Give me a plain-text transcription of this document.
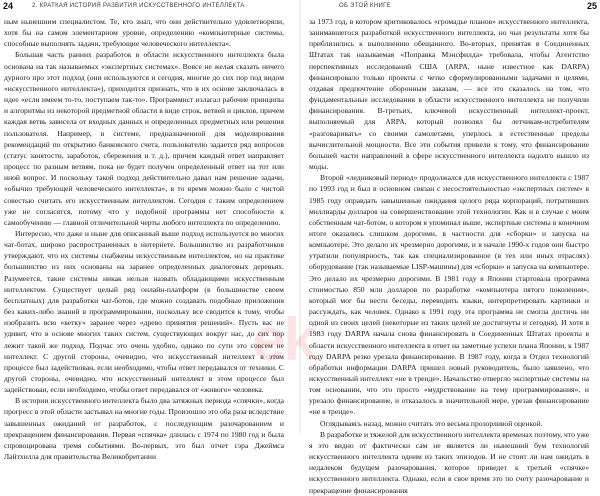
24	2. КРАТКАЯ ИСТОРИЯ РАЗВИТИЯ ИСКУССТВЕННОГО ИНТЕЛЛЕКТА

ным нынешним специалистом. Те, кто знал, что они действительно удовлетворяли, хотя бы на самом элементарном уровне, определению «компьютерные системы, способные выполнять задачи, требующие человеческого интеллекта».

Большая часть ранних разработок в области искусственного интеллекта была основана на так называемых «экспертных системах». Вовсе не желая сказать ничего дурного про этот подход (они используются и сегодня, многие до сих пор под видом «искусственного интеллекта»), приходится признать, что в их основе заключалась в идее «если имеем то-то, поступаем так-то». Программист излагал рабочие принципы и алгоритмы из некоторой предметной области в виде строк, ветвей и циклов, причем каждая ветвь зависела от входных данных и определенных предметных или решения пользователя. Например, в системе, предназначенной для моделирования рекомендаций по открытию банковского счета, пользователю задается ряд вопросов (статус занятости, заработок, сбережения и т. д.), причем каждый ответ направляет процесс по разным ветвям, пока не будет получен определенный ответ на тот или иной вопрос. И поскольку такой подход действительно давал нам решение задачи, «обычно требующей человеческого интеллекта», в то время можно было с чистой совестью считать его искусственным интеллектом. Сегодня с таким определением уже не согласятся, потому что у подобной программы нет способности к самообучению — главной отличительной черты любого интеллекта по определению.

Интересно, что даже и ныне для описанный выше подход используется во многих чат-ботах, широко распространенных в интернете. Большинство из разработчиков утверждают, что их системы снабжены искусственным интеллектом, но на практике большинство из них основаны на заранее определенных диалоговых деревьях. Разумеется, такие системы никак нельзя назвать обладающими искусственным интеллектом. Существует целый ряд онлайн-платформ (в большинстве своем бесплатных) для разработки чат-ботов, где можно создавать подобные приложения без каких-либо знаний в программировании, поскольку все сводится к тому, чтобы изобразить всю «ветку» заранее через «древо принятия решений». Пусть вас не удивит, что в основе многих таких систем, существующих вокруг нас, до сих пор лежит такой же подход. Подчас это очень удобно, однако по сути это совсем не интеллект. С другой стороны, очевидно, что искусственный интеллект в этом процессе был задействован, если необходимо, чтобы ответ передавался от техники. С другой стороны, очевидно, что искусственный интеллект в этом процессе был задействован, если необходимо, чтобы ответ передавался от «живого» человека.

В истории искусственного интеллекта было два затяжных периода «спячки», когда прогресс в этой области застывал на многие годы. Произошло это оба раза вследствие завышенных ожиданий от разработок, с последующим разочарованием и прекращением финансирования. Первая «спячка» длилась с 1974 по 1980 год и была спровоцирована тремя событиями. Во-первых, это был отчет сэра Джеймса Лайтхилла для правительства Великобритании

ОБ ЭТОЙ КНИГЕ	25

за 1973 год, в котором критиковалось «громадье планов» искусственного интеллекта, занимавшегося разработкой искусственного интеллекта, но чьи результаты хотя бы приблизились к выполнению обещанного. Во-вторых, принятая в Соединенных Штатах так называемая «Поправка Мэнсфилда» требовала, чтобы Агентство перспективных исследований США (ARPA, ныне известное как DARPA) финансировало только проекты с четко сформулированными задачами и целями, отдавая предпочтение оборонным заказам, — все это сказалось на том, что фундаментальные исследования в области искусственного интеллекта не получили финансирования. В-третьих, ключевой искусственный интеллект-проект, выполняемый для ARPA, который позволял бы летчикам-истребителям «разговаривать» со своими самолетами, уперлось в естественные пределы вычислительной мощности. Все эти события привели к тому, что финансирование большей части направлений в сфере искусственного интеллекта надолго вышло из моды.

Второй «ледниковый период» продолжался для искусственного интеллекта с 1987 по 1993 год и был в основном связан с несостоятельностью «экспертных систем» в 1985 году оправдать завышенные ожидания целого ряда корпораций, потративших миллиарды долларов на совершенствование этой технологии. Как и в случае с моим собственным чат-ботом, о котором я упоминал выше, экспертные системы в конечном итоге оказались слишком дорогими, в частности для «сборки» и запуска на компьютере. Это делало их чрезмерно дорогими, и в начале 1990-х годов они быстро утратили популярность, так как специализированное (в тех или иных отраслях) оборудование (так называемые LISP-машины) для «сборки» и запуска на компьютере. Это делало их чрезмерно дорогими. В 1981 году в Японии стартовала программа стоимостью 850 млн долларов по разработке «компьютера пятого поколения», который мог бы вести беседы, переводить языки, интерпретировать картинки и рассуждать, как человек. Однако к 1991 году эта программа не смогла достичь ни одной из своих целей (некоторые из таких целей не достигнуты и сегодня). И хотя в 1983 году DARPA начала снова финансировать в Соединенных Штатах проекты в области искусственного интеллекта в ответ на заметные успехи плана Японии, к 1987 году DARPA резко урезала финансирование. В 1987 году, когда в Отдел технологий обработки информации DARPA пришел новый руководитель, было заявлено, что искусственный интеллект «не в тренде». Начальство отвергло экспертные системы на том основании, что это просто «мудрствование на тему программирования», и урезало финансирование, и отказалось в значительной мере, урезав финансирование «не в тренде».

Оглядываясь назад, можно считать это весьма прозорливой оценкой.

В разработке и тяжелой для искусственного интеллекта временах поэтому, что уже я это видно от фактически сам не является ли нынешний бум технологий искусственного интеллекта одним из таких эпизодов. И не стоит ли нам ожидать в недалеком будущем разочарования, которое приведет к третьей «спячке» искусственного интеллекта. Однако, если в свое время это по счету разочарование и прекращение финансирования

ek
